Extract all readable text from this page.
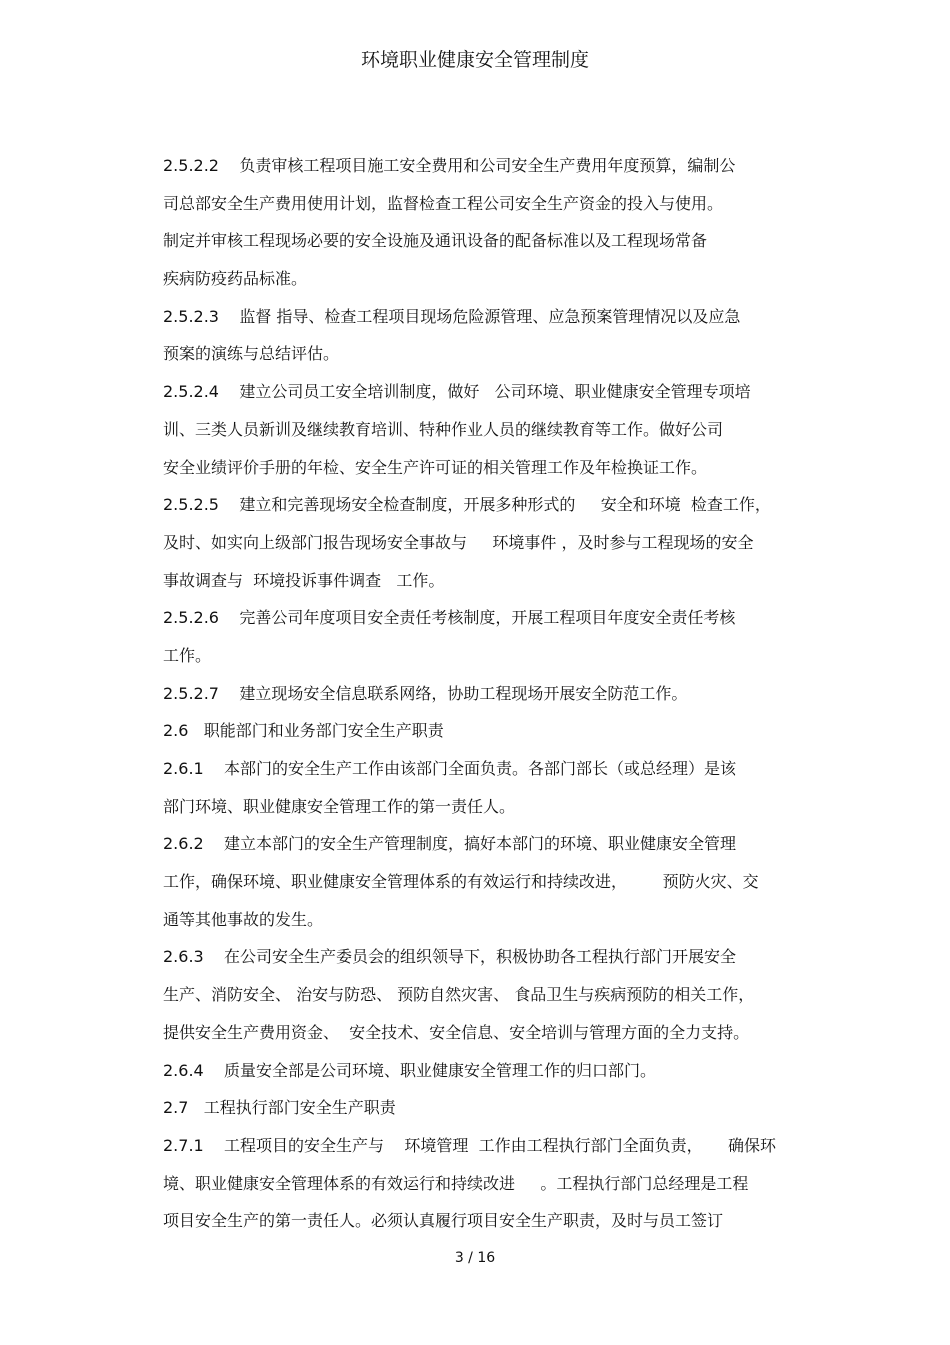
环境职业健康安全管理制度
2.5.2.2    负责审核工程项目施工安全费用和公司安全生产费用年度预算，编制公
司总部安全生产费用使用计划，监督检查工程公司安全生产资金的投入与使用。
制定并审核工程现场必要的安全设施及通讯设备的配备标准以及工程现场常备
疾病防疫药品标准。
2.5.2.3    监督 指导、检查工程项目现场危险源管理、应急预案管理情况以及应急
预案的演练与总结评估。
2.5.2.4    建立公司员工安全培训制度，做好   公司环境、职业健康安全管理专项培
训、三类人员新训及继续教育培训、特种作业人员的继续教育等工作。做好公司
安全业绩评价手册的年检、安全生产许可证的相关管理工作及年检换证工作。
2.5.2.5    建立和完善现场安全检查制度，开展多种形式的     安全和环境  检查工作，
及时、如实向上级部门报告现场安全事故与     环境事件 ，及时参与工程现场的安全
事故调查与  环境投诉事件调查   工作。
2.5.2.6    完善公司年度项目安全责任考核制度，开展工程项目年度安全责任考核
工作。
2.5.2.7    建立现场安全信息联系网络，协助工程现场开展安全防范工作。
2.6   职能部门和业务部门安全生产职责
2.6.1    本部门的安全生产工作由该部门全面负责。各部门部长（或总经理）是该
部门环境、职业健康安全管理工作的第一责任人。
2.6.2    建立本部门的安全生产管理制度，搞好本部门的环境、职业健康安全管理
工作，确保环境、职业健康安全管理体系的有效运行和持续改进，       预防火灾、交
通等其他事故的发生。
2.6.3    在公司安全生产委员会的组织领导下，积极协助各工程执行部门开展安全
生产、消防安全、 治安与防恐、 预防自然灾害、 食品卫生与疾病预防的相关工作，
提供安全生产费用资金、  安全技术、安全信息、安全培训与管理方面的全力支持。
2.6.4    质量安全部是公司环境、职业健康安全管理工作的归口部门。
2.7   工程执行部门安全生产职责
2.7.1    工程项目的安全生产与    环境管理  工作由工程执行部门全面负责，     确保环
境、职业健康安全管理体系的有效运行和持续改进     。工程执行部门总经理是工程
项目安全生产的第一责任人。必须认真履行项目安全生产职责，及时与员工签订
3 / 16
